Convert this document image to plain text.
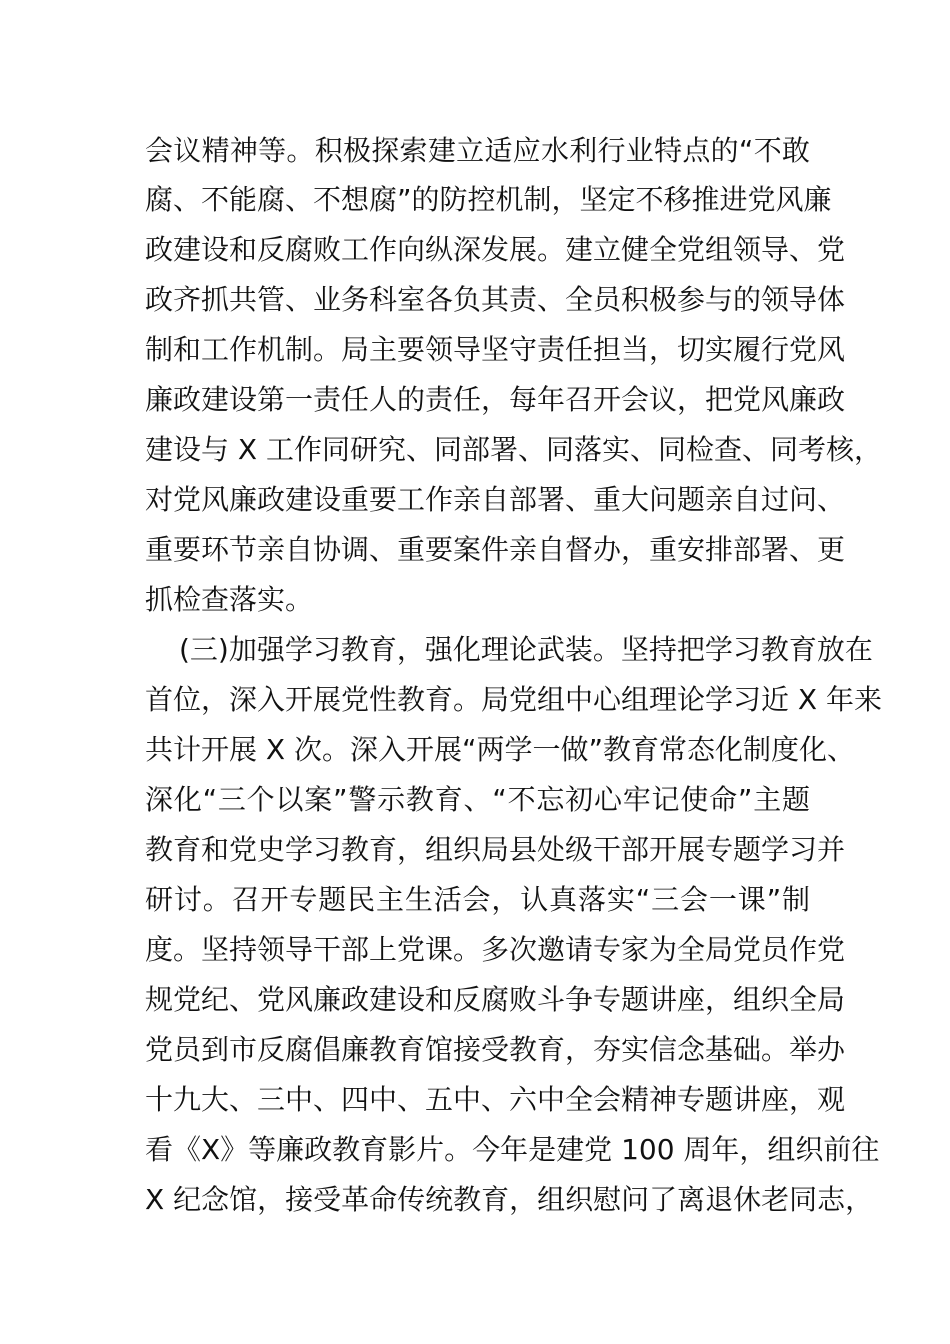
会议精神等。积极探索建立适应水利行业特点的“不敢
腐、不能腐、不想腐”的防控机制，坚定不移推进党风廉
政建设和反腐败工作向纵深发展。建立健全党组领导、党
政齐抓共管、业务科室各负其责、全员积极参与的领导体
制和工作机制。局主要领导坚守责任担当，切实履行党风
廉政建设第一责任人的责任，每年召开会议，把党风廉政
建设与 X 工作同研究、同部署、同落实、同检查、同考核，
对党风廉政建设重要工作亲自部署、重大问题亲自过问、
重要环节亲自协调、重要案件亲自督办，重安排部署、更
抓检查落实。
(三)加强学习教育，强化理论武装。坚持把学习教育放在
首位，深入开展党性教育。局党组中心组理论学习近 X 年来
共计开展 X 次。深入开展“两学一做”教育常态化制度化、
深化“三个以案”警示教育、“不忘初心牢记使命”主题
教育和党史学习教育，组织局县处级干部开展专题学习并
研讨。召开专题民主生活会，认真落实“三会一课”制
度。坚持领导干部上党课。多次邀请专家为全局党员作党
规党纪、党风廉政建设和反腐败斗争专题讲座，组织全局
党员到市反腐倡廉教育馆接受教育，夯实信念基础。举办
十九大、三中、四中、五中、六中全会精神专题讲座，观
看《X》等廉政教育影片。今年是建党 100 周年，组织前往
X 纪念馆，接受革命传统教育，组织慰问了离退休老同志，
